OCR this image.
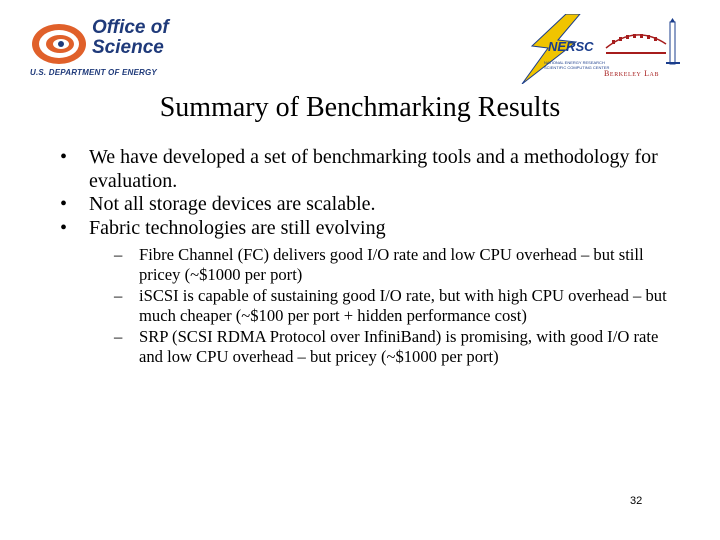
Office of
Science
U.S. DEPARTMENT OF ENERGY
NERSC
NATIONAL ENERGY RESEARCH
SCIENTIFIC COMPUTING CENTER
Berkeley Lab
Summary of Benchmarking Results
• We have developed a set of benchmarking tools and a methodology for evaluation.
• Not all storage devices are scalable.
• Fabric technologies are still evolving
– Fibre Channel (FC) delivers good I/O rate and low CPU overhead – but still pricey (~$1000 per port)
– iSCSI is capable of sustaining good I/O rate, but with high CPU overhead – but much cheaper (~$100 per port + hidden performance cost)
– SRP (SCSI RDMA Protocol over InfiniBand) is promising, with good I/O rate and low CPU overhead – but pricey (~$1000 per port)
32
